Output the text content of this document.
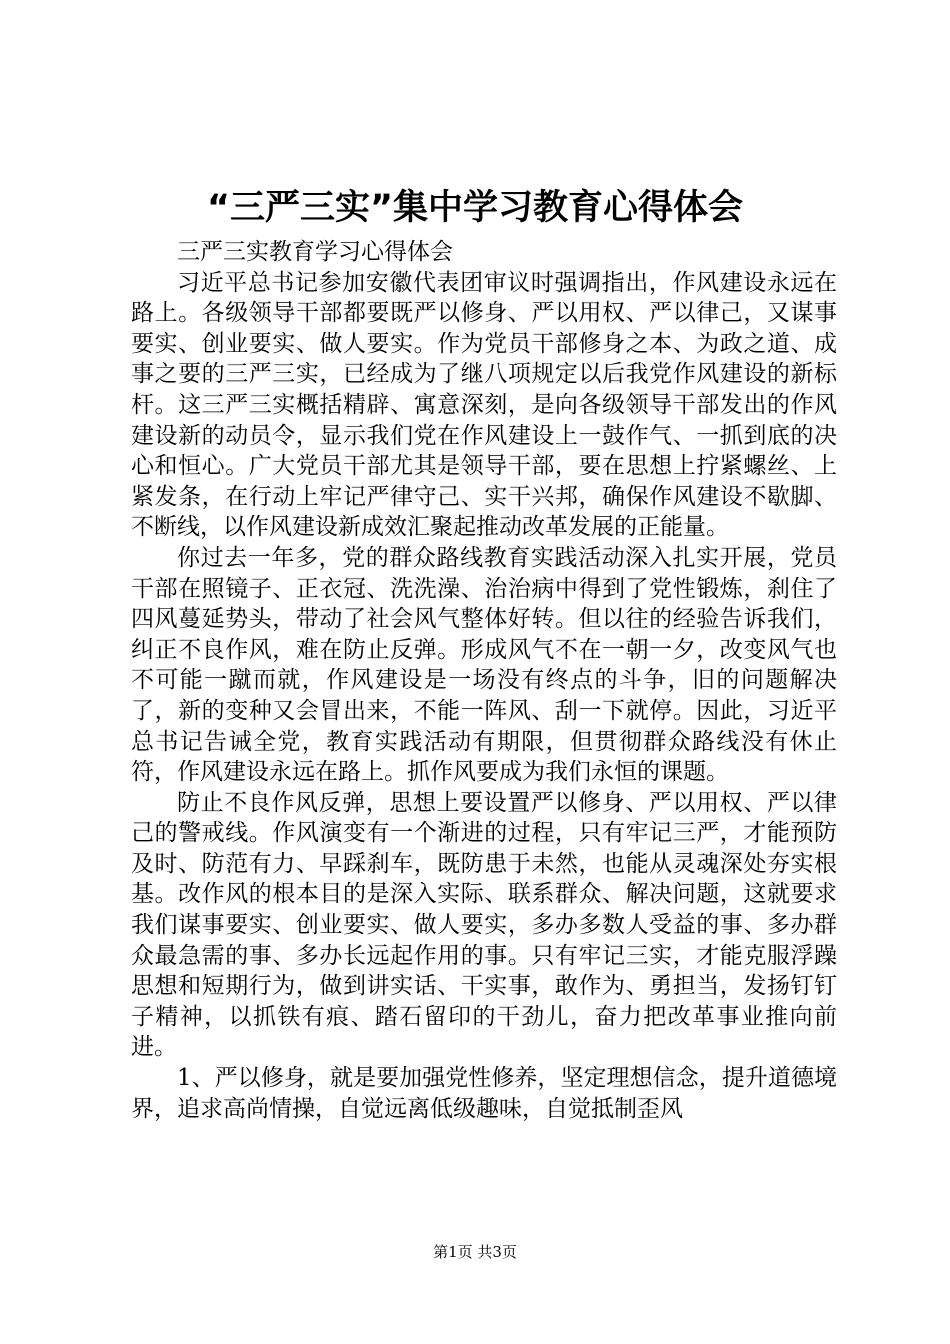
“三严三实”集中学习教育心得体会

三严三实教育学习心得体会

习近平总书记参加安徽代表团审议时强调指出，作风建设永远在路上。各级领导干部都要既严以修身、严以用权、严以律己，又谋事要实、创业要实、做人要实。作为党员干部修身之本、为政之道、成事之要的三严三实，已经成为了继八项规定以后我党作风建设的新标杆。这三严三实概括精辟、寓意深刻，是向各级领导干部发出的作风建设新的动员令，显示我们党在作风建设上一鼓作气、一抓到底的决心和恒心。广大党员干部尤其是领导干部，要在思想上拧紧螺丝、上紧发条，在行动上牢记严律守己、实干兴邦，确保作风建设不歇脚、不断线，以作风建设新成效汇聚起推动改革发展的正能量。

你过去一年多，党的群众路线教育实践活动深入扎实开展，党员干部在照镜子、正衣冠、洗洗澡、治治病中得到了党性锻炼，刹住了四风蔓延势头，带动了社会风气整体好转。但以往的经验告诉我们，纠正不良作风，难在防止反弹。形成风气不在一朝一夕，改变风气也不可能一蹴而就，作风建设是一场没有终点的斗争，旧的问题解决了，新的变种又会冒出来，不能一阵风、刮一下就停。因此，习近平总书记告诫全党，教育实践活动有期限，但贯彻群众路线没有休止符，作风建设永远在路上。抓作风要成为我们永恒的课题。

防止不良作风反弹，思想上要设置严以修身、严以用权、严以律己的警戒线。作风演变有一个渐进的过程，只有牢记三严，才能预防及时、防范有力、早踩刹车，既防患于未然，也能从灵魂深处夯实根基。改作风的根本目的是深入实际、联系群众、解决问题，这就要求我们谋事要实、创业要实、做人要实，多办多数人受益的事、多办群众最急需的事、多办长远起作用的事。只有牢记三实，才能克服浮躁思想和短期行为，做到讲实话、干实事，敢作为、勇担当，发扬钉钉子精神，以抓铁有痕、踏石留印的干劲儿，奋力把改革事业推向前进。

1、严以修身，就是要加强党性修养，坚定理想信念，提升道德境界，追求高尚情操，自觉远离低级趣味，自觉抵制歪风

第1页 共3页
